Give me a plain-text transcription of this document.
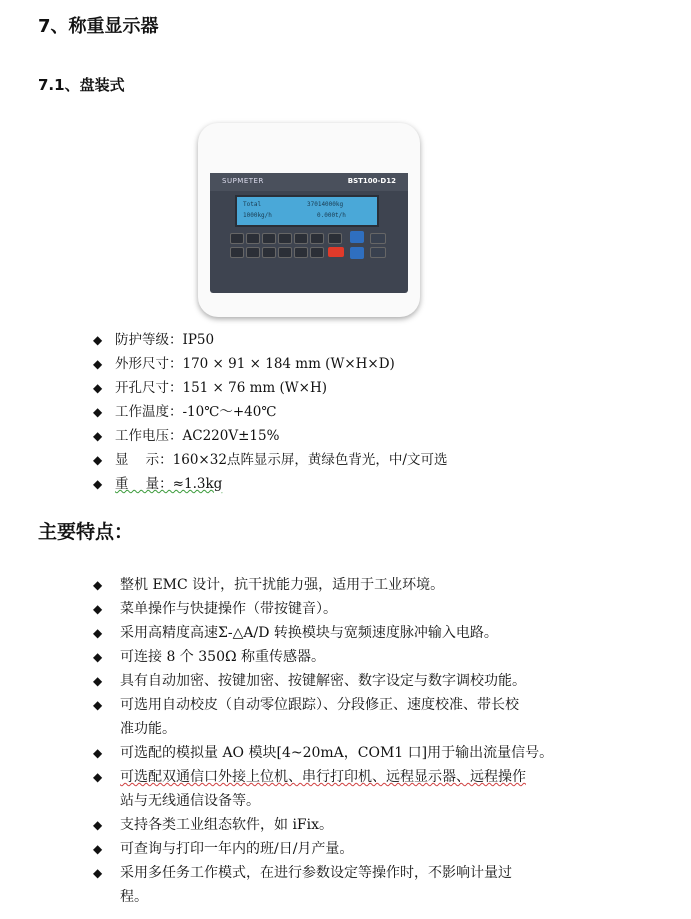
7、称重显示器
7.1、盘装式
SUPMETER	BST100-D12
Total	37014000kg
1000kg/h	0.000t/h
◆ 防护等级：IP50
◆ 外形尺寸：170 × 91 × 184 mm (W×H×D)
◆ 开孔尺寸：151 × 76 mm (W×H)
◆ 工作温度：-10℃～+40℃
◆ 工作电压：AC220V±15%
◆ 显    示：160×32点阵显示屏，黄绿色背光，中/文可选
◆ 重    量：≈1.3kg
主要特点：
◆ 整机 EMC 设计，抗干扰能力强，适用于工业环境。
◆ 菜单操作与快捷操作（带按键音）。
◆ 采用高精度高速Σ-△A/D 转换模块与宽频速度脉冲输入电路。
◆ 可连接 8 个 350Ω 称重传感器。
◆ 具有自动加密、按键加密、按键解密、数字设定与数字调校功能。
◆ 可选用自动校皮（自动零位跟踪）、分段修正、速度校准、带长校
准功能。
◆ 可选配的模拟量 AO 模块[4~20mA，COM1 口]用于输出流量信号。
◆ 可选配双通信口外接上位机、串行打印机、远程显示器、远程操作
站与无线通信设备等。
◆ 支持各类工业组态软件，如 iFix。
◆ 可查询与打印一年内的班/日/月产量。
◆ 采用多任务工作模式，在进行参数设定等操作时，不影响计量过
程。
